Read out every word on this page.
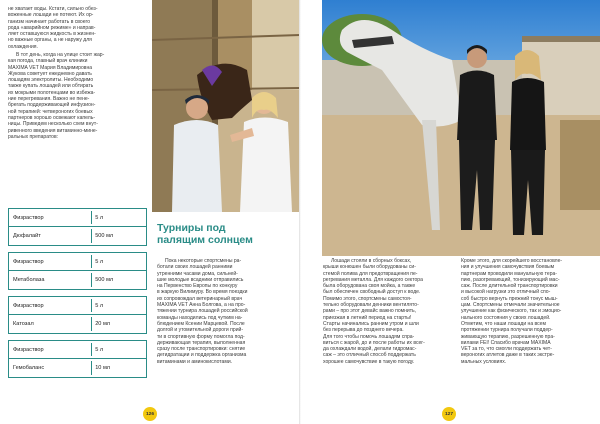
не хватает воды. Кстати, сильно обез-
воженные лошади не потеют. Их ор-
ганизм начинает работать в своего
рода «аварийном режиме» и направ-
ляет оставшуюся жидкость в жизнен-
но важные органы, а не наружу для
охлаждения.
В тот день, когда на улице стоит жар-
кая погода, главный врач клиники
MAXIMA VET Мария Владимировна
Жукова советует ежедневно давать
лошадям электролиты. Необходимо
также купать лошадей или обтирать
их мокрыми полотенцами во избежа-
ние перегревания. Важно не пене-
брегать поддерживающей инфузион-
ной терапией: четвероногих боевых
партнеров хорошо освежают капель-
ницы. Приведем несколько схем внут-
ривенного введения витаминно-мине-
ральных препаратов:
Физраствор	5 л
Дюфалайт	500 мл
Физраствор	5 л
Метаболаза	500 мл
Физраствор	5 л
Катозал	20 мл
Физраствор	5 л
Гемобаланс	10 мл
Турниры под
палящим солнцем
Пока некоторые спортсмены ра-
ботали своих лошадей ранними
утренними часами дома, сильней-
шие молодые всадники отправились
на Первенство Европы по конкуру
в жаркую Вилимуру. Во время поездки
их сопровождал ветеринарный врач
MAXIMA VET Анна Болгова, а на про-
тяжении турнира лошадей российской
команды находились под чутким на-
блюдением Ксении Марцевой. После
долгой и утомительной дороги прий-
ти в спортивную форму помогла под-
держивающая терапия, выполненная
сразу после транспортировки: снятие
дегидратации и поддержка организма
витаминами и аминокислотами.
126
Лошади стояли в сборных боксах,
крыши конюшен были оборудованы си-
стемой полива для предотвращения пе-
регревания металла. Для каждого сектора
была оборудована своя мойка, а также
был обеспечен свободный доступ к воде.
Помимо этого, спортсмены самостоя-
тельно оборудовали денники вентилято-
рами – про этот девайс важно помнить,
приезжая в летний период на старты!
Старты начинались ранним утром и шли
без перерыва до позднего вечера.
Для того чтобы помочь лошадям спра-
виться с жарой, до и после работы их всег-
да охлаждали водой, делали гидромас-
саж – это отличный способ поддержать
хорошее самочувствие в такую погоду.
Кроме этого, для скорейшего восстановле-
ния и улучшения самочувствия боевым
партнерам проводили мануальную тера-
пию, разогревающий, тонизирующий мас-
саж. После длительной транспортировки
и высокой нагрузки это отличный спо-
соб быстро вернуть прежний тонус мыш-
цам. Спортсмены отмечали значительное
улучшение как физического, так и эмоцио-
нального состояния у своих лошадей.
Отметим, что наши лошади на всем
протяжении турнира получали поддер-
живающую терапию, разрешенную пра-
вилами FEI! Спасибо врачам MAXIMA
VET за то, что смогли поддержать чет-
вероногих атлетов даже в таких экстре-
мальных условиях.
127
